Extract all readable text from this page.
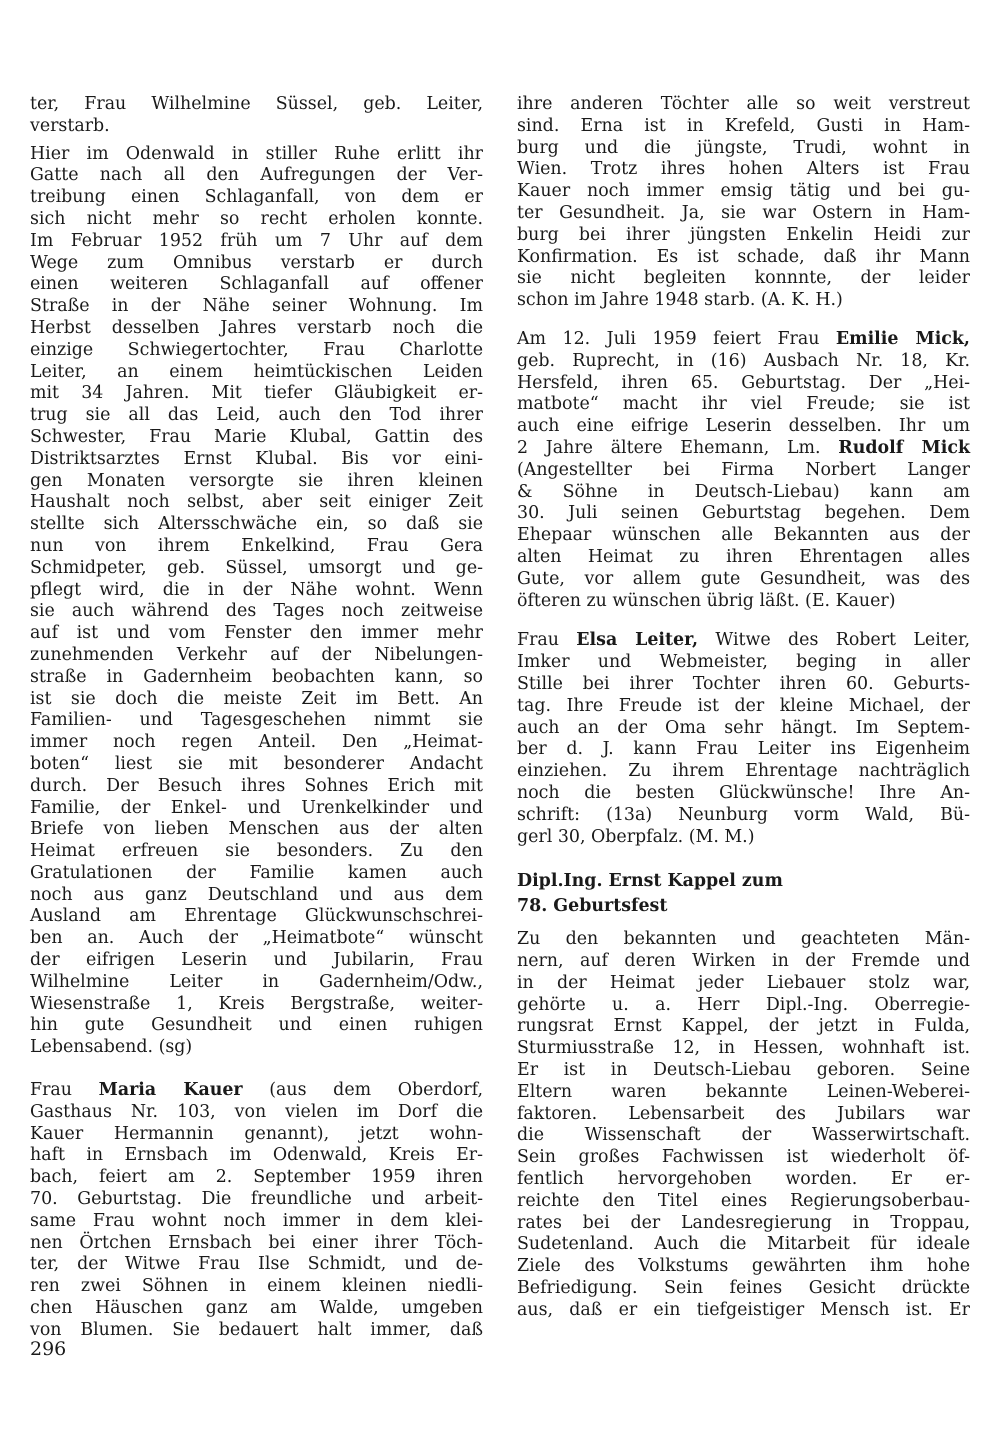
ter, Frau Wilhelmine Süssel, geb. Leiter,
verstarb.
Hier im Odenwald in stiller Ruhe erlitt ihr
Gatte nach all den Aufregungen der Ver-
treibung einen Schlaganfall, von dem er
sich nicht mehr so recht erholen konnte.
Im Februar 1952 früh um 7 Uhr auf dem
Wege zum Omnibus verstarb er durch
einen weiteren Schlaganfall auf offener
Straße in der Nähe seiner Wohnung. Im
Herbst desselben Jahres verstarb noch die
einzige Schwiegertochter, Frau Charlotte
Leiter, an einem heimtückischen Leiden
mit 34 Jahren. Mit tiefer Gläubigkeit er-
trug sie all das Leid, auch den Tod ihrer
Schwester, Frau Marie Klubal, Gattin des
Distriktsarztes Ernst Klubal. Bis vor eini-
gen Monaten versorgte sie ihren kleinen
Haushalt noch selbst, aber seit einiger Zeit
stellte sich Altersschwäche ein, so daß sie
nun von ihrem Enkelkind, Frau Gera
Schmidpeter, geb. Süssel, umsorgt und ge-
pflegt wird, die in der Nähe wohnt. Wenn
sie auch während des Tages noch zeitweise
auf ist und vom Fenster den immer mehr
zunehmenden Verkehr auf der Nibelungen-
straße in Gadernheim beobachten kann, so
ist sie doch die meiste Zeit im Bett. An
Familien- und Tagesgeschehen nimmt sie
immer noch regen Anteil. Den „Heimat-
boten“ liest sie mit besonderer Andacht
durch. Der Besuch ihres Sohnes Erich mit
Familie, der Enkel- und Urenkelkinder und
Briefe von lieben Menschen aus der alten
Heimat erfreuen sie besonders. Zu den
Gratulationen der Familie kamen auch
noch aus ganz Deutschland und aus dem
Ausland am Ehrentage Glückwunschschrei-
ben an. Auch der „Heimatbote“ wünscht
der eifrigen Leserin und Jubilarin, Frau
Wilhelmine Leiter in Gadernheim/Odw.,
Wiesenstraße 1, Kreis Bergstraße, weiter-
hin gute Gesundheit und einen ruhigen
Lebensabend. (sg)
Frau Maria Kauer (aus dem Oberdorf,
Gasthaus Nr. 103, von vielen im Dorf die
Kauer Hermannin genannt), jetzt wohn-
haft in Ernsbach im Odenwald, Kreis Er-
bach, feiert am 2. September 1959 ihren
70. Geburtstag. Die freundliche und arbeit-
same Frau wohnt noch immer in dem klei-
nen Örtchen Ernsbach bei einer ihrer Töch-
ter, der Witwe Frau Ilse Schmidt, und de-
ren zwei Söhnen in einem kleinen niedli-
chen Häuschen ganz am Walde, umgeben
von Blumen. Sie bedauert halt immer, daß
ihre anderen Töchter alle so weit verstreut
sind. Erna ist in Krefeld, Gusti in Ham-
burg und die jüngste, Trudi, wohnt in
Wien. Trotz ihres hohen Alters ist Frau
Kauer noch immer emsig tätig und bei gu-
ter Gesundheit. Ja, sie war Ostern in Ham-
burg bei ihrer jüngsten Enkelin Heidi zur
Konfirmation. Es ist schade, daß ihr Mann
sie nicht begleiten konnnte, der leider
schon im Jahre 1948 starb. (A. K. H.)
Am 12. Juli 1959 feiert Frau Emilie Mick,
geb. Ruprecht, in (16) Ausbach Nr. 18, Kr.
Hersfeld, ihren 65. Geburtstag. Der „Hei-
matbote“ macht ihr viel Freude; sie ist
auch eine eifrige Leserin desselben. Ihr um
2 Jahre ältere Ehemann, Lm. Rudolf Mick
(Angestellter bei Firma Norbert Langer
& Söhne in Deutsch-Liebau) kann am
30. Juli seinen Geburtstag begehen. Dem
Ehepaar wünschen alle Bekannten aus der
alten Heimat zu ihren Ehrentagen alles
Gute, vor allem gute Gesundheit, was des
öfteren zu wünschen übrig läßt. (E. Kauer)
Frau Elsa Leiter, Witwe des Robert Leiter,
Imker und Webmeister, beging in aller
Stille bei ihrer Tochter ihren 60. Geburts-
tag. Ihre Freude ist der kleine Michael, der
auch an der Oma sehr hängt. Im Septem-
ber d. J. kann Frau Leiter ins Eigenheim
einziehen. Zu ihrem Ehrentage nachträglich
noch die besten Glückwünsche! Ihre An-
schrift: (13a) Neunburg vorm Wald, Bü-
gerl 30, Oberpfalz. (M. M.)
Dipl.Ing. Ernst Kappel zum
78. Geburtsfest
Zu den bekannten und geachteten Män-
nern, auf deren Wirken in der Fremde und
in der Heimat jeder Liebauer stolz war,
gehörte u. a. Herr Dipl.-Ing. Oberregie-
rungsrat Ernst Kappel, der jetzt in Fulda,
Sturmiusstraße 12, in Hessen, wohnhaft ist.
Er ist in Deutsch-Liebau geboren. Seine
Eltern waren bekannte Leinen-Weberei-
faktoren. Lebensarbeit des Jubilars war
die Wissenschaft der Wasserwirtschaft.
Sein großes Fachwissen ist wiederholt öf-
fentlich hervorgehoben worden. Er er-
reichte den Titel eines Regierungsoberbau-
rates bei der Landesregierung in Troppau,
Sudetenland. Auch die Mitarbeit für ideale
Ziele des Volkstums gewährten ihm hohe
Befriedigung. Sein feines Gesicht drückte
aus, daß er ein tiefgeistiger Mensch ist. Er
296
